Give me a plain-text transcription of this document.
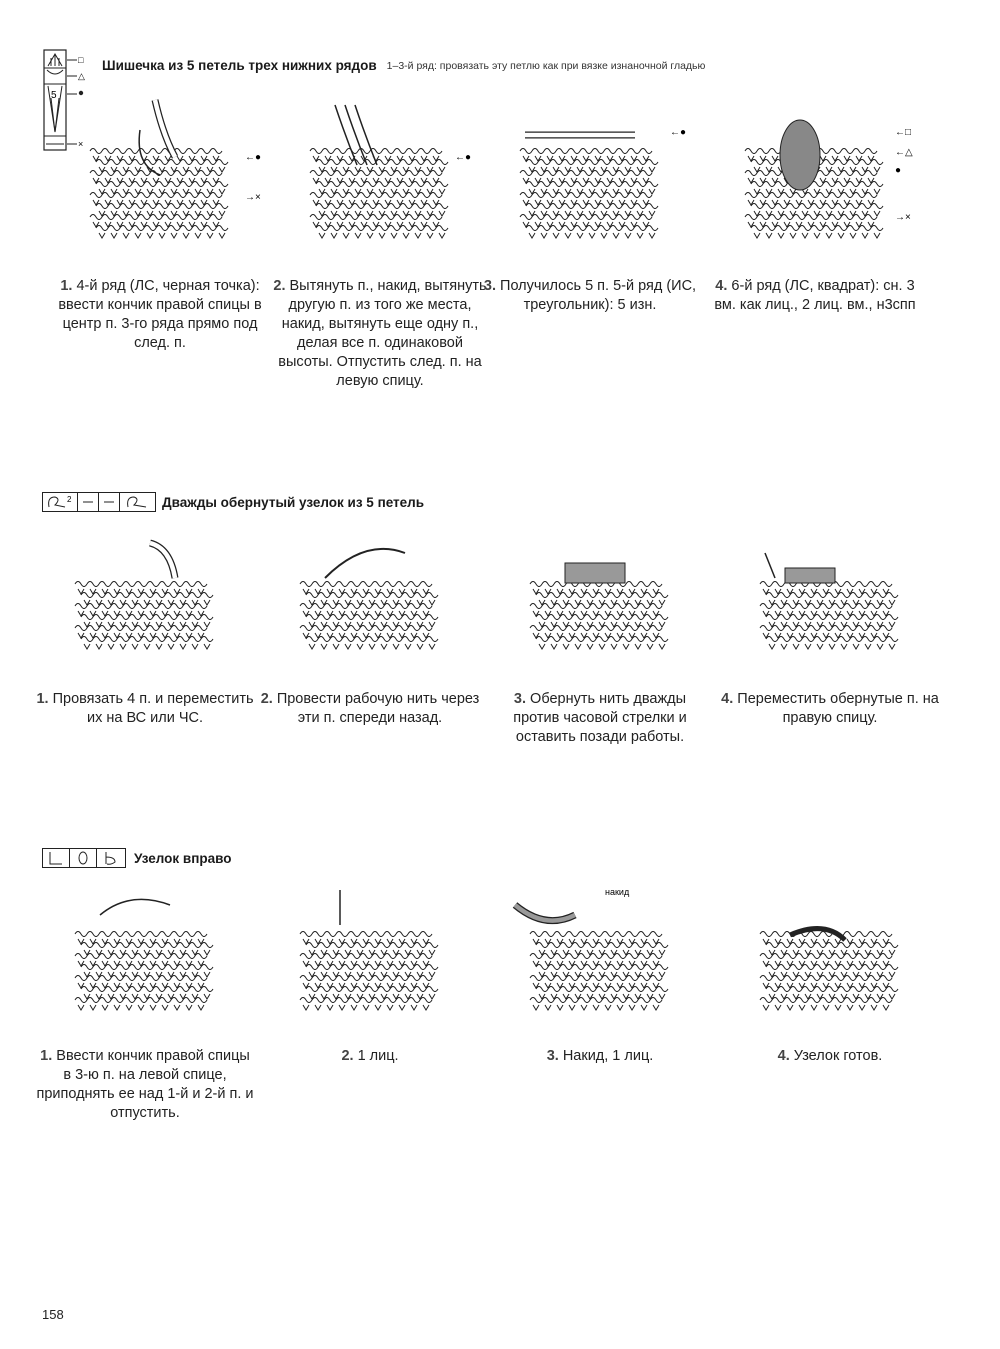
5
□
△
×
Шишечка из 5 петель трех нижних рядов 1–3-й ряд: провязать эту петлю как при вязке изнаночной гладью
←●
→×
1. 4-й ряд (ЛС, черная точка): ввести кончик правой спицы в центр п. 3-го ряда прямо под след. п.
←●
2. Вытянуть п., накид, вытянуть другую п. из того же места, накид, вытянуть еще одну п., делая все п. одинаковой высоты. Отпустить след. п. на левую спицу.
←●
3. Получилось 5 п. 5-й ряд (ИС, треугольник): 5 изн.
←□
←△
●
→×
4. 6-й ряд (ЛС, квадрат): сн. 3 вм. как лиц., 2 лиц. вм., н3спп
2	Дважды обернутый узелок из 5 петель
1. Провязать 4 п. и переместить их на ВС или ЧС.
2. Провести рабочую нить через эти п. спереди назад.
3. Обернуть нить дважды против часовой стрелки и оставить позади работы.
4. Переместить обернутые п. на правую спицу.
Узелок вправо
1. Ввести кончик правой спицы в 3-ю п. на левой спице, приподнять ее над 1-й и 2-й п. и отпустить.
2. 1 лиц.
накид
3. Накид, 1 лиц.	4. Узелок готов.
158
